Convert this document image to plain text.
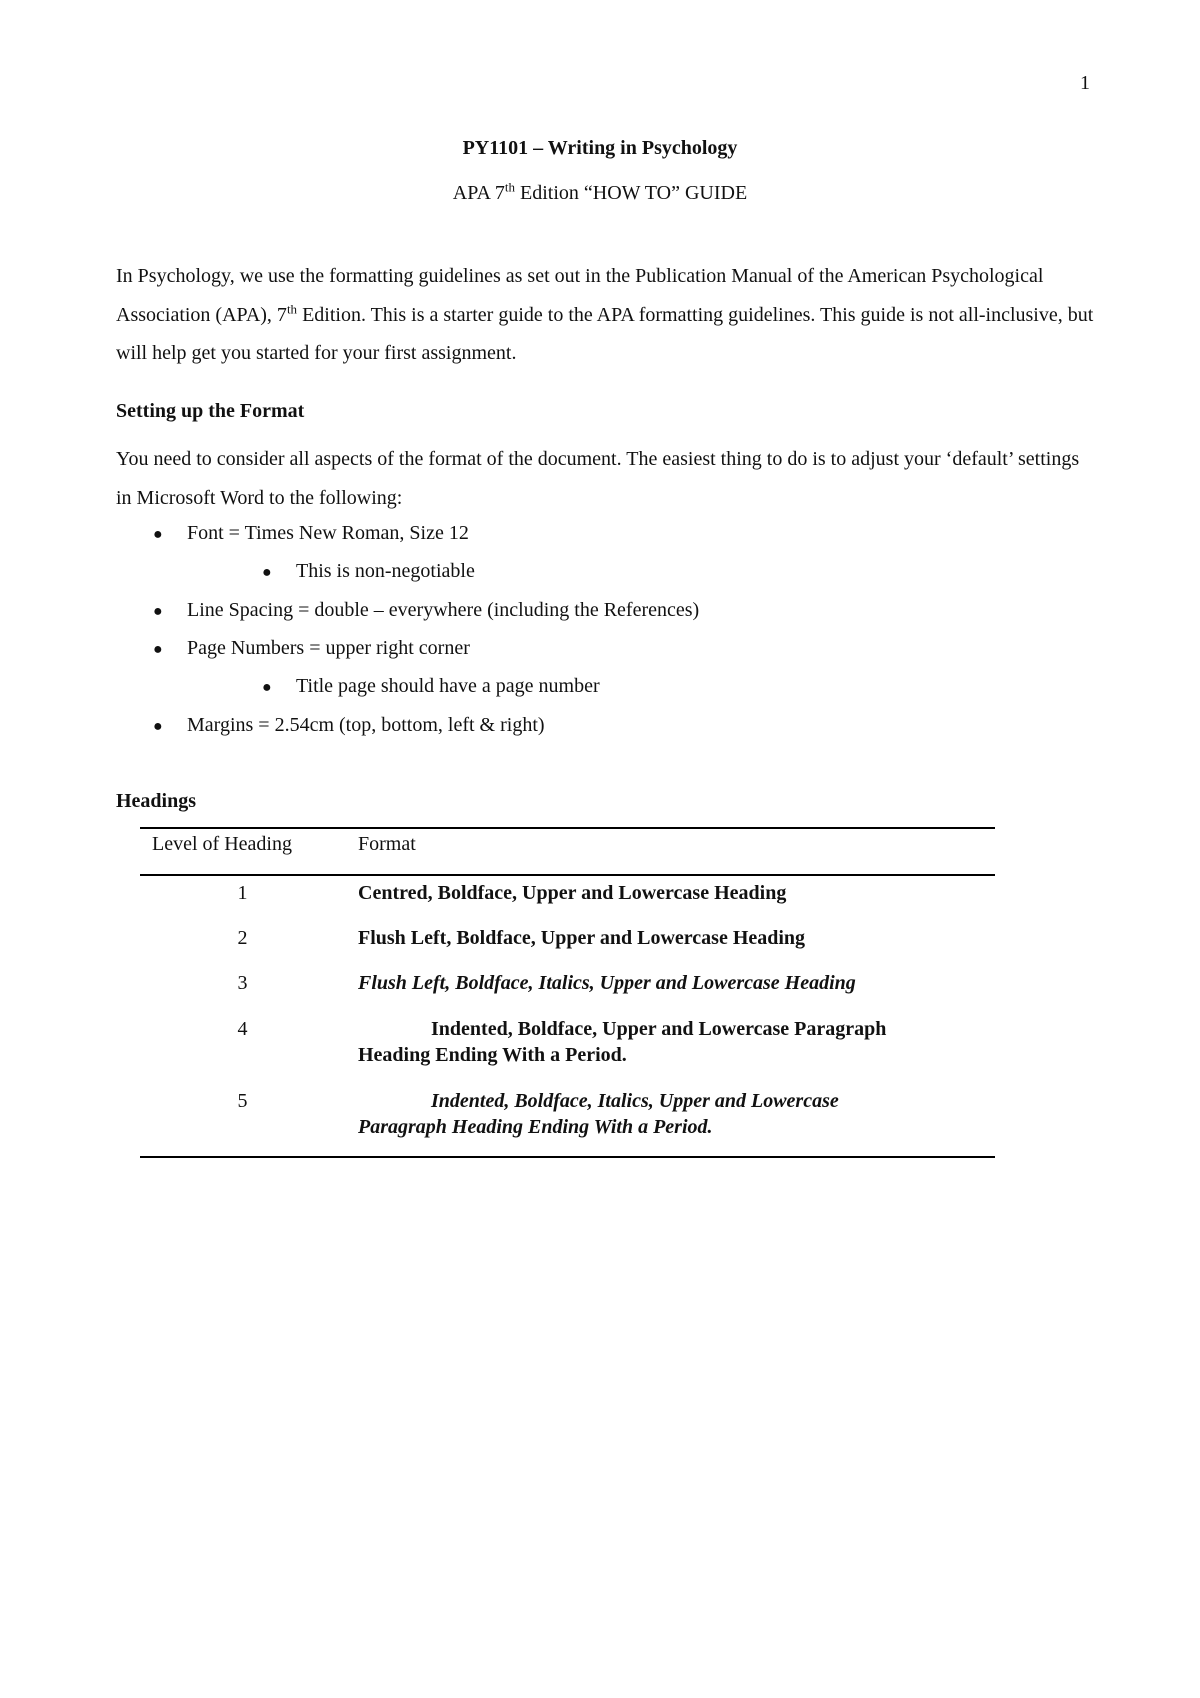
1
PY1101 – Writing in Psychology
APA 7th Edition “HOW TO” GUIDE

In Psychology, we use the formatting guidelines as set out in the Publication Manual of the American Psychological Association (APA), 7th Edition. This is a starter guide to the APA formatting guidelines. This guide is not all-inclusive, but will help get you started for your first assignment.

Setting up the Format

You need to consider all aspects of the format of the document. The easiest thing to do is to adjust your ‘default’ settings in Microsoft Word to the following:

●	Font = Times New Roman, Size 12
●	This is non-negotiable
●	Line Spacing = double – everywhere (including the References)
●	Page Numbers = upper right corner
●	Title page should have a page number
●	Margins = 2.54cm (top, bottom, left & right)
Headings
Level of Heading	Format
1	Centred, Boldface, Upper and Lowercase Heading
2	Flush Left, Boldface, Upper and Lowercase Heading
3	Flush Left, Boldface, Italics, Upper and Lowercase Heading
4	Indented, Boldface, Upper and Lowercase Paragraph
Heading Ending With a Period.
5	Indented, Boldface, Italics, Upper and Lowercase
Paragraph Heading Ending With a Period.
